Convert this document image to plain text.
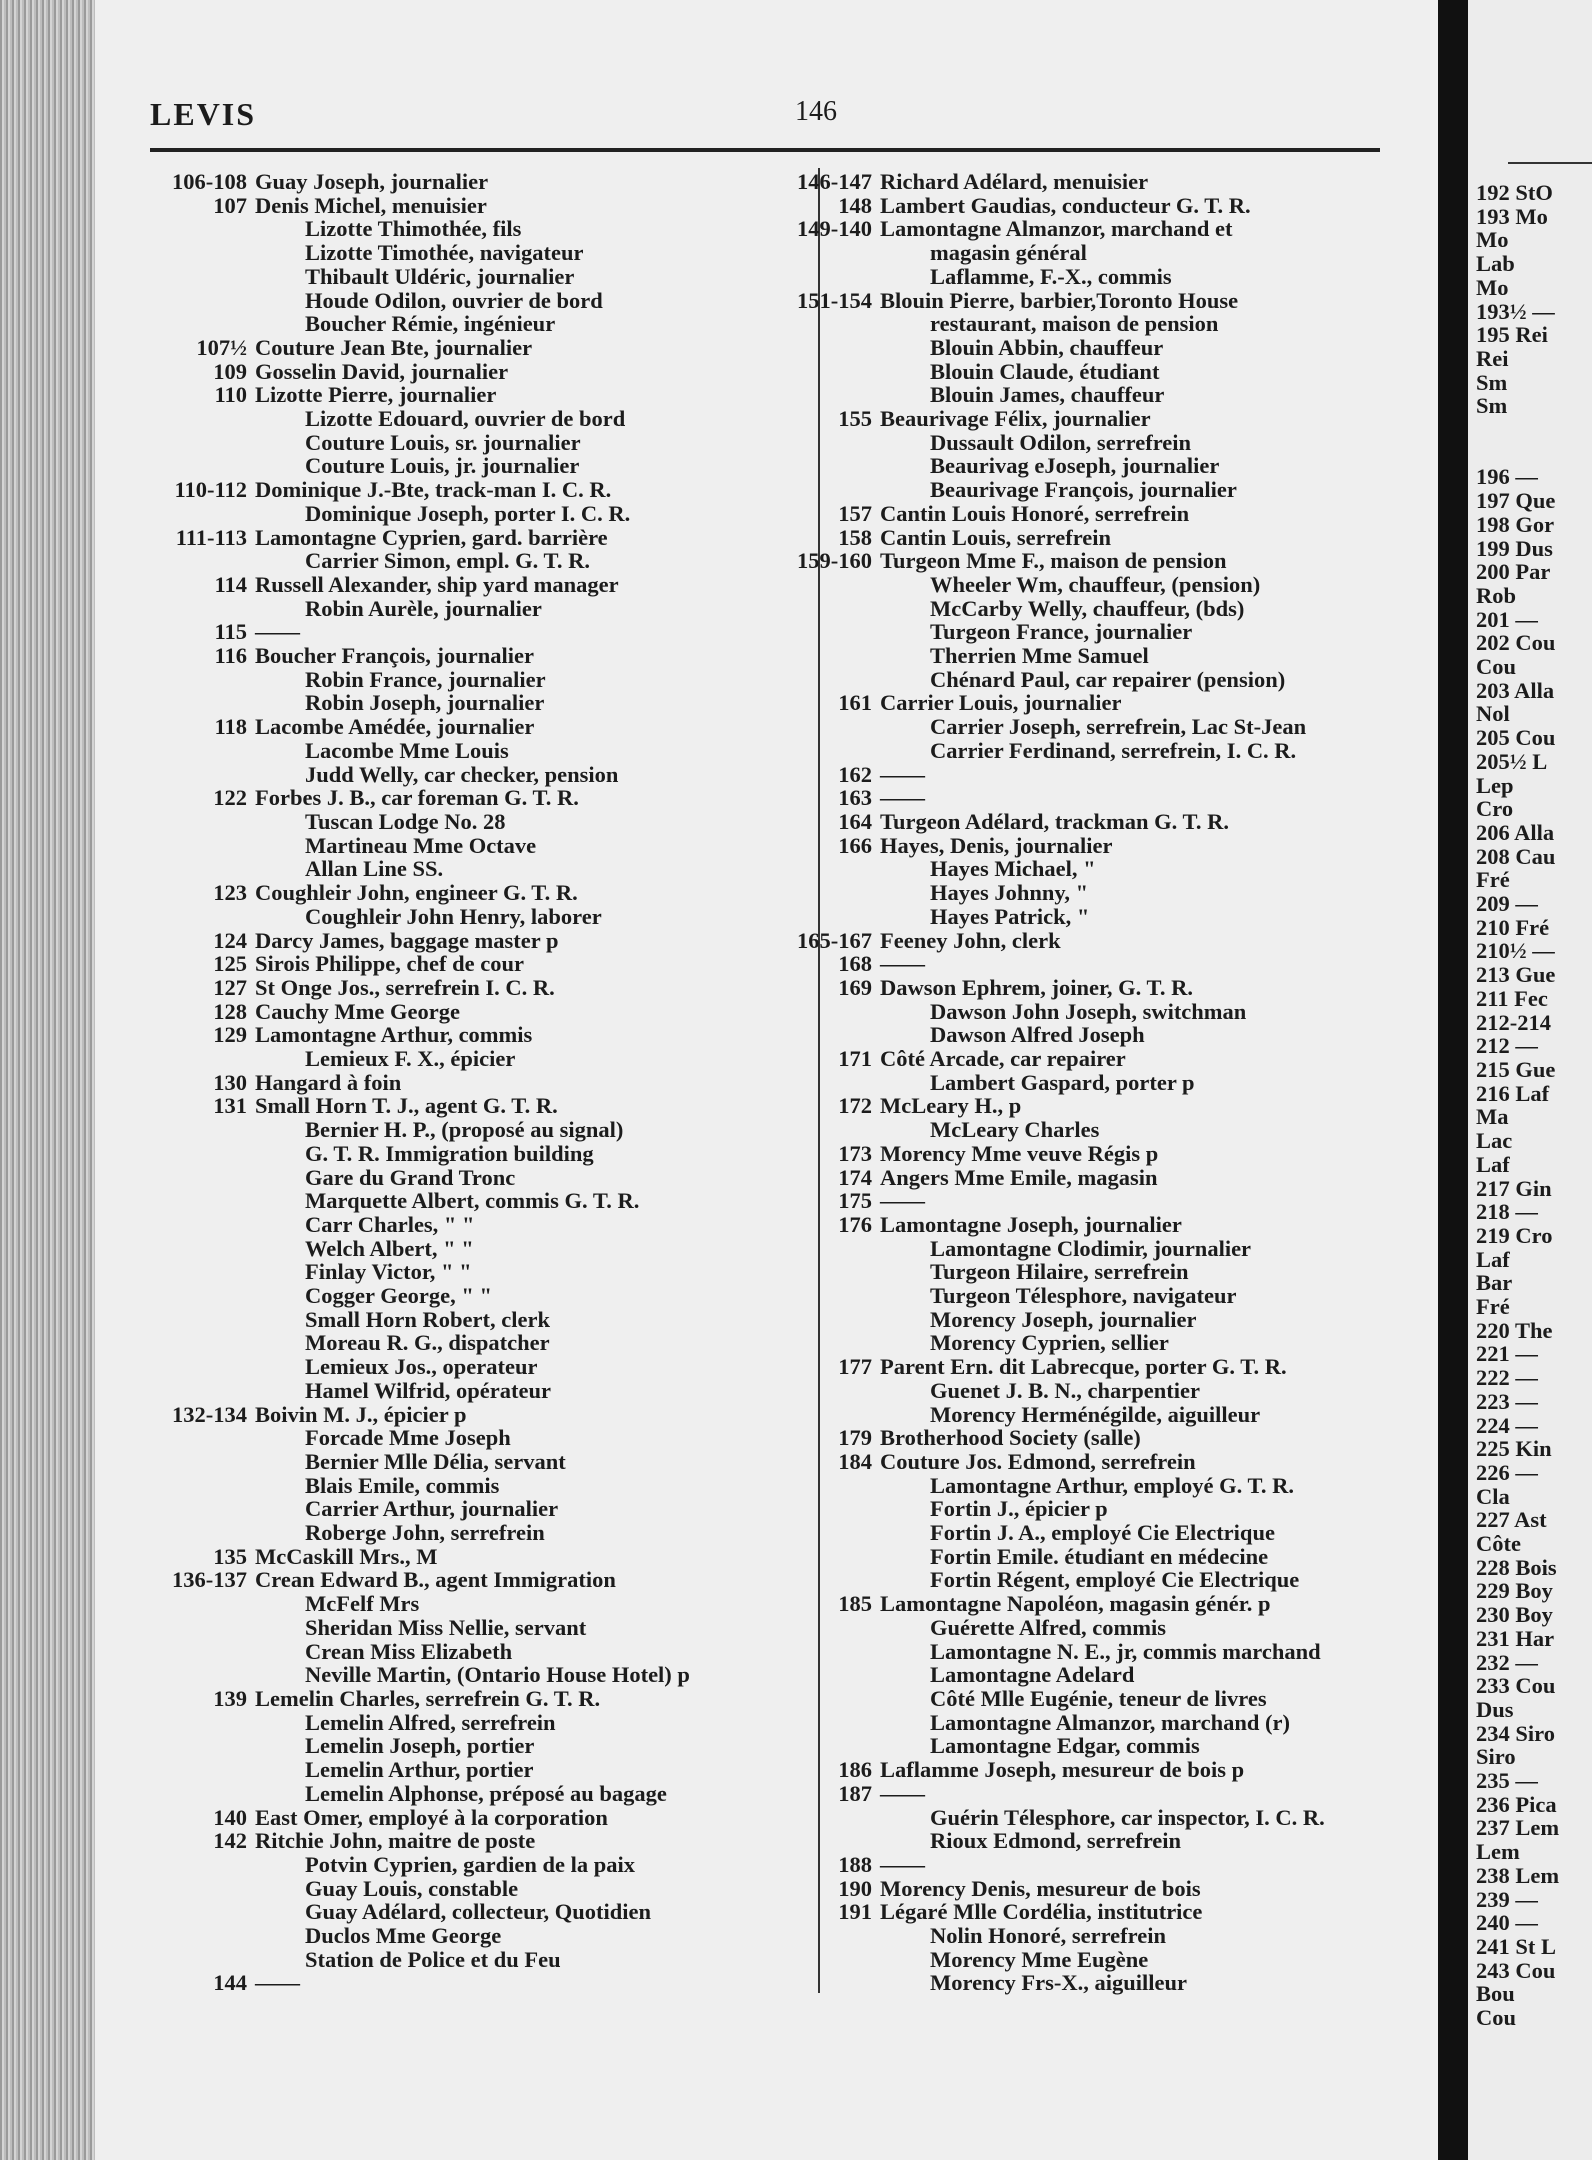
LEVIS	146
106-108 Guay Joseph, journalier
107 Denis Michel, menuisier
Lizotte Thimothée, fils
Lizotte Timothée, navigateur
Thibault Uldéric, journalier
Houde Odilon, ouvrier de bord
Boucher Rémie, ingénieur
107½ Couture Jean Bte, journalier
109 Gosselin David, journalier
110 Lizotte Pierre, journalier
Lizotte Edouard, ouvrier de bord
Couture Louis, sr. journalier
Couture Louis, jr. journalier
110-112 Dominique J.-Bte, track-man I. C. R.
Dominique Joseph, porter I. C. R.
111-113 Lamontagne Cyprien, gard. barrière
Carrier Simon, empl. G. T. R.
114 Russell Alexander, ship yard manager
Robin Aurèle, journalier
115 ——
116 Boucher François, journalier
Robin France, journalier
Robin Joseph, journalier
118 Lacombe Amédée, journalier
Lacombe Mme Louis
Judd Welly, car checker, pension
122 Forbes J. B., car foreman G. T. R.
Tuscan Lodge No. 28
Martineau Mme Octave
Allan Line SS.
123 Coughleir John, engineer G. T. R.
Coughleir John Henry, laborer
124 Darcy James, baggage master p
125 Sirois Philippe, chef de cour
127 St Onge Jos., serrefrein I. C. R.
128 Cauchy Mme George
129 Lamontagne Arthur, commis
Lemieux F. X., épicier
130 Hangard à foin
131 Small Horn T. J., agent G. T. R.
Bernier H. P., (proposé au signal)
G. T. R. Immigration building
Gare du Grand Tronc
Marquette Albert, commis G. T. R.
Carr Charles, " "
Welch Albert, " "
Finlay Victor, " "
Cogger George, " "
Small Horn Robert, clerk
Moreau R. G., dispatcher
Lemieux Jos., operateur
Hamel Wilfrid, opérateur
132-134 Boivin M. J., épicier p
Forcade Mme Joseph
Bernier Mlle Délia, servant
Blais Emile, commis
Carrier Arthur, journalier
Roberge John, serrefrein
135 McCaskill Mrs., M
136-137 Crean Edward B., agent Immigration
McFelf Mrs
Sheridan Miss Nellie, servant
Crean Miss Elizabeth
Neville Martin, (Ontario House Hotel) p
139 Lemelin Charles, serrefrein G. T. R.
Lemelin Alfred, serrefrein
Lemelin Joseph, portier
Lemelin Arthur, portier
Lemelin Alphonse, préposé au bagage
140 East Omer, employé à la corporation
142 Ritchie John, maitre de poste
Potvin Cyprien, gardien de la paix
Guay Louis, constable
Guay Adélard, collecteur, Quotidien
Duclos Mme George
Station de Police et du Feu
144 ——
146-147 Richard Adélard, menuisier
148 Lambert Gaudias, conducteur G. T. R.
149-140 Lamontagne Almanzor, marchand et
magasin général
Laflamme, F.-X., commis
151-154 Blouin Pierre, barbier,Toronto House
restaurant, maison de pension
Blouin Abbin, chauffeur
Blouin Claude, étudiant
Blouin James, chauffeur
155 Beaurivage Félix, journalier
Dussault Odilon, serrefrein
Beaurivag eJoseph, journalier
Beaurivage François, journalier
157 Cantin Louis Honoré, serrefrein
158 Cantin Louis, serrefrein
159-160 Turgeon Mme F., maison de pension
Wheeler Wm, chauffeur, (pension)
McCarby Welly, chauffeur, (bds)
Turgeon France, journalier
Therrien Mme Samuel
Chénard Paul, car repairer (pension)
161 Carrier Louis, journalier
Carrier Joseph, serrefrein, Lac St-Jean
Carrier Ferdinand, serrefrein, I. C. R.
162 ——
163 ——
164 Turgeon Adélard, trackman G. T. R.
166 Hayes, Denis, journalier
Hayes Michael, "
Hayes Johnny, "
Hayes Patrick, "
165-167 Feeney John, clerk
168 ——
169 Dawson Ephrem, joiner, G. T. R.
Dawson John Joseph, switchman
Dawson Alfred Joseph
171 Côté Arcade, car repairer
Lambert Gaspard, porter p
172 McLeary H., p
McLeary Charles
173 Morency Mme veuve Régis p
174 Angers Mme Emile, magasin
175 ——
176 Lamontagne Joseph, journalier
Lamontagne Clodimir, journalier
Turgeon Hilaire, serrefrein
Turgeon Télesphore, navigateur
Morency Joseph, journalier
Morency Cyprien, sellier
177 Parent Ern. dit Labrecque, porter G. T. R.
Guenet J. B. N., charpentier
Morency Herménégilde, aiguilleur
179 Brotherhood Society (salle)
184 Couture Jos. Edmond, serrefrein
Lamontagne Arthur, employé G. T. R.
Fortin J., épicier p
Fortin J. A., employé Cie Electrique
Fortin Emile. étudiant en médecine
Fortin Régent, employé Cie Electrique
185 Lamontagne Napoléon, magasin génér. p
Guérette Alfred, commis
Lamontagne N. E., jr, commis marchand
Lamontagne Adelard
Côté Mlle Eugénie, teneur de livres
Lamontagne Almanzor, marchand (r)
Lamontagne Edgar, commis
186 Laflamme Joseph, mesureur de bois p
187 ——
Guérin Télesphore, car inspector, I. C. R.
Rioux Edmond, serrefrein
188 ——
190 Morency Denis, mesureur de bois
191 Légaré Mlle Cordélia, institutrice
Nolin Honoré, serrefrein
Morency Mme Eugène
Morency Frs-X., aiguilleur
192 StO
193 Mo
Mo
Lab
Mo
193½ —
195 Rei
Rei
Sm
Sm
196 —
197 Que
198 Gor
199 Dus
200 Par
Rob
201 —
202 Cou
Cou
203 Alla
Nol
205 Cou
205½ L
Lep
Cro
206 Alla
208 Cau
Fré
209 —
210 Fré
210½ —
213 Gue
211 Fec
212-214
212 —
215 Gue
216 Laf
Ma
Lac
Laf
217 Gin
218 —
219 Cro
Laf
Bar
Fré
220 The
221 —
222 —
223 —
224 —
225 Kin
226 —
Cla
227 Ast
Côte
228 Bois
229 Boy
230 Boy
231 Har
232 —
233 Cou
Dus
234 Siro
Siro
235 —
236 Pica
237 Lem
Lem
238 Lem
239 —
240 —
241 St L
243 Cou
Bou
Cou
